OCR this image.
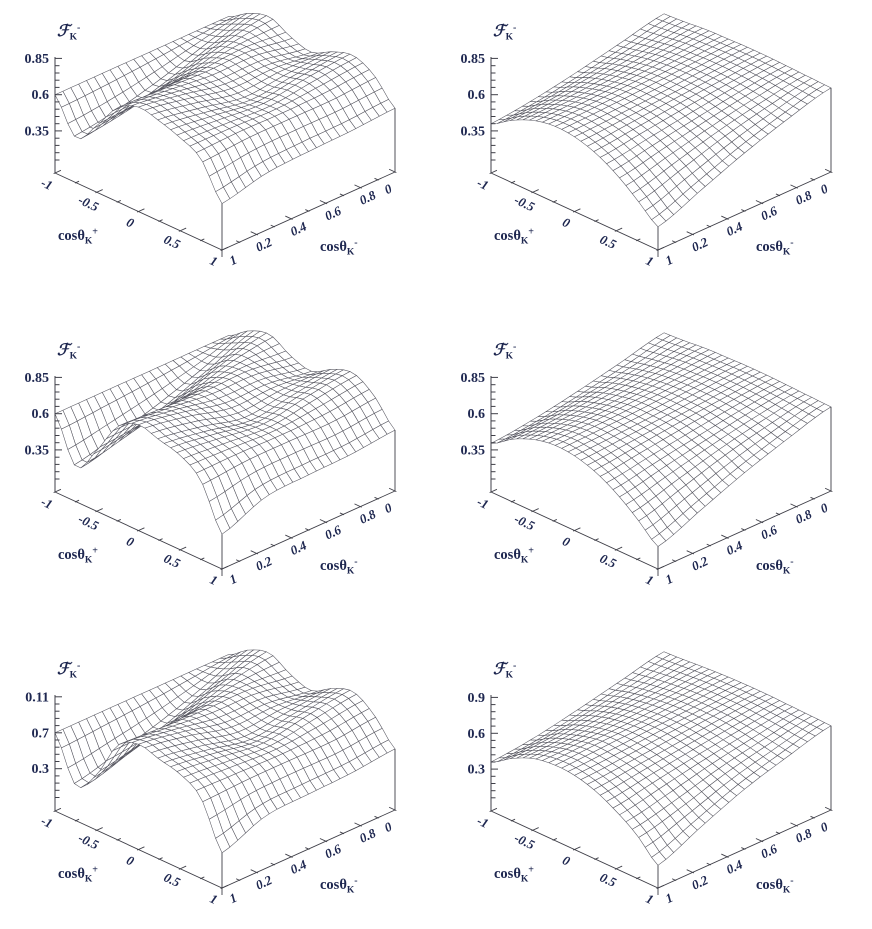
-1
-0.5
0
0.5
1
0.2
0.4
0.6
0.8
1
0
0.85
0.6
0.35
cosθ$_K$+
cosθ$_K$-
ℱ$_K$-
-1
-0.5
0
0.5
1
0.2
0.4
0.6
0.8
1
0
0.85
0.6
0.35
cosθ$_K$+
cosθ$_K$-
ℱ$_K$-
-1
-0.5
0
0.5
1
0.2
0.4
0.6
0.8
1
0
0.85
0.6
0.35
cosθ$_K$+
cosθ$_K$-
ℱ$_K$-
-1
-0.5
0
0.5
1
0.2
0.4
0.6
0.8
1
0
0.85
0.6
0.35
cosθ$_K$+
cosθ$_K$-
ℱ$_K$-
-1
-0.5
0
0.5
1
0.2
0.4
0.6
0.8
1
0
0.11
0.7
0.3
cosθ$_K$+
cosθ$_K$-
ℱ$_K$-
-1
-0.5
0
0.5
1
0.2
0.4
0.6
0.8
1
0
0.9
0.6
0.3
cosθ$_K$+
cosθ$_K$-
ℱ$_K$-
